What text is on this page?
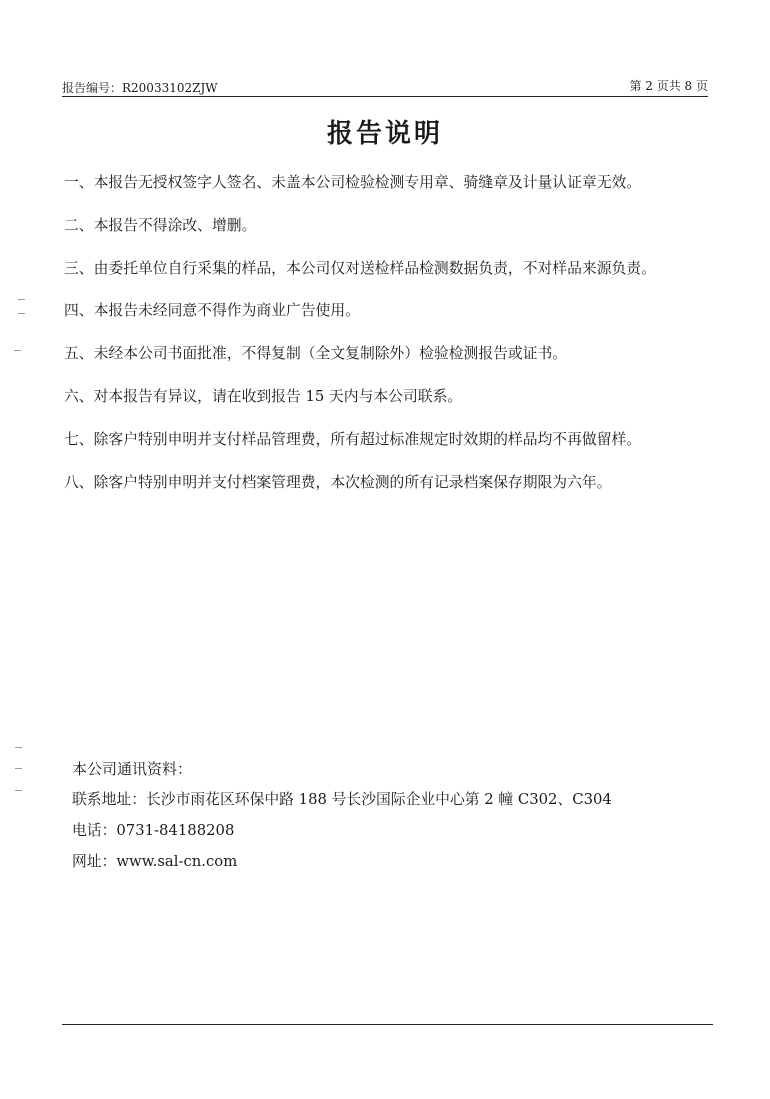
报告编号：R20033102ZJW	第 2 页共 8 页
报告说明
一、本报告无授权签字人签名、未盖本公司检验检测专用章、骑缝章及计量认证章无效。
二、本报告不得涂改、增删。
三、由委托单位自行采集的样品，本公司仅对送检样品检测数据负责，不对样品来源负责。
四、本报告未经同意不得作为商业广告使用。
五、未经本公司书面批准，不得复制（全文复制除外）检验检测报告或证书。
六、对本报告有异议，请在收到报告 15 天内与本公司联系。
七、除客户特别申明并支付样品管理费，所有超过标准规定时效期的样品均不再做留样。
八、除客户特别申明并支付档案管理费，本次检测的所有记录档案保存期限为六年。
本公司通讯资料：
联系地址：长沙市雨花区环保中路 188 号长沙国际企业中心第 2 幢 C302、C304
电话：0731-84188208
网址：www.sal-cn.com
